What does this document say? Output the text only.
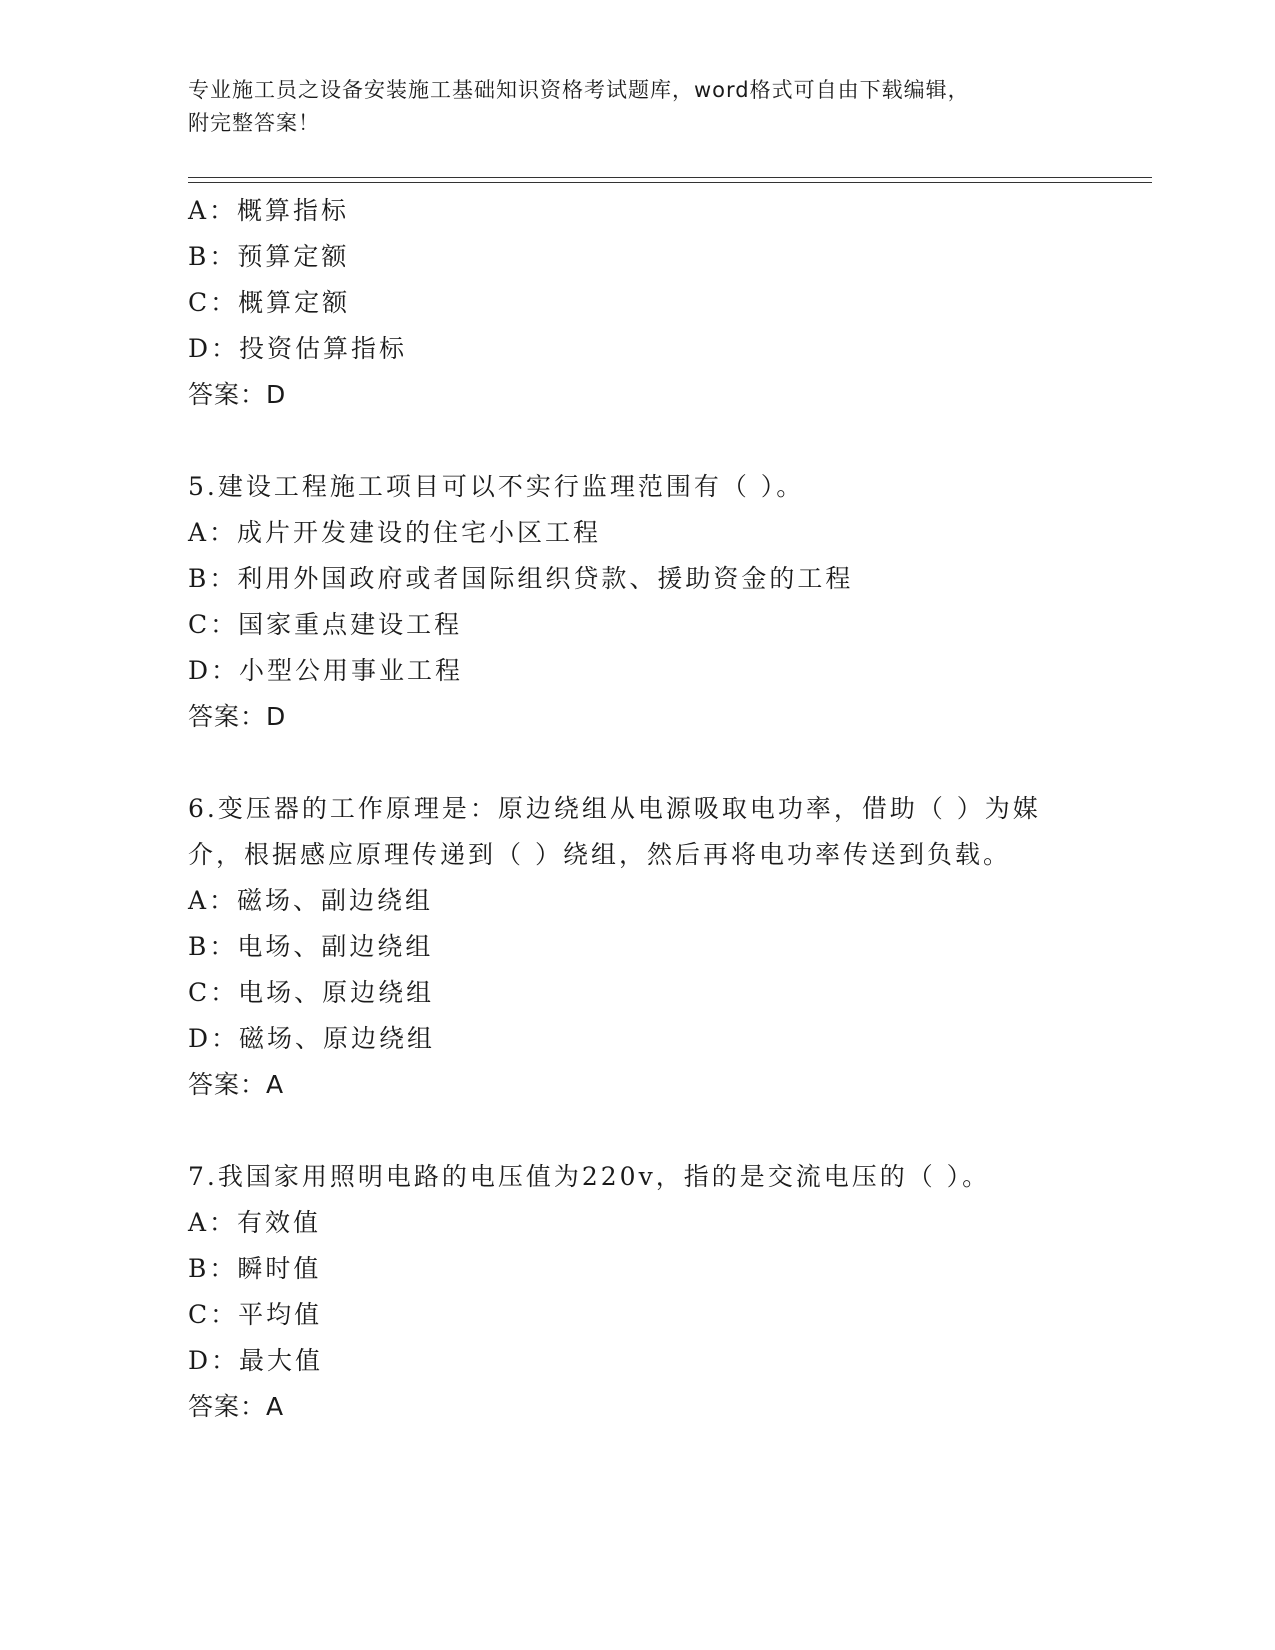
专业施工员之设备安装施工基础知识资格考试题库，word格式可自由下载编辑，
附完整答案！
A：概算指标
B：预算定额
C：概算定额
D：投资估算指标
答案：D
5.建设工程施工项目可以不实行监理范围有（ ）。
A：成片开发建设的住宅小区工程
B：利用外国政府或者国际组织贷款、援助资金的工程
C：国家重点建设工程
D：小型公用事业工程
答案：D
6.变压器的工作原理是：原边绕组从电源吸取电功率，借助（ ）为媒
介，根据感应原理传递到（ ）绕组，然后再将电功率传送到负载。
A：磁场、副边绕组
B：电场、副边绕组
C：电场、原边绕组
D：磁场、原边绕组
答案：A
7.我国家用照明电路的电压值为220v，指的是交流电压的（ ）。
A：有效值
B：瞬时值
C：平均值
D：最大值
答案：A
